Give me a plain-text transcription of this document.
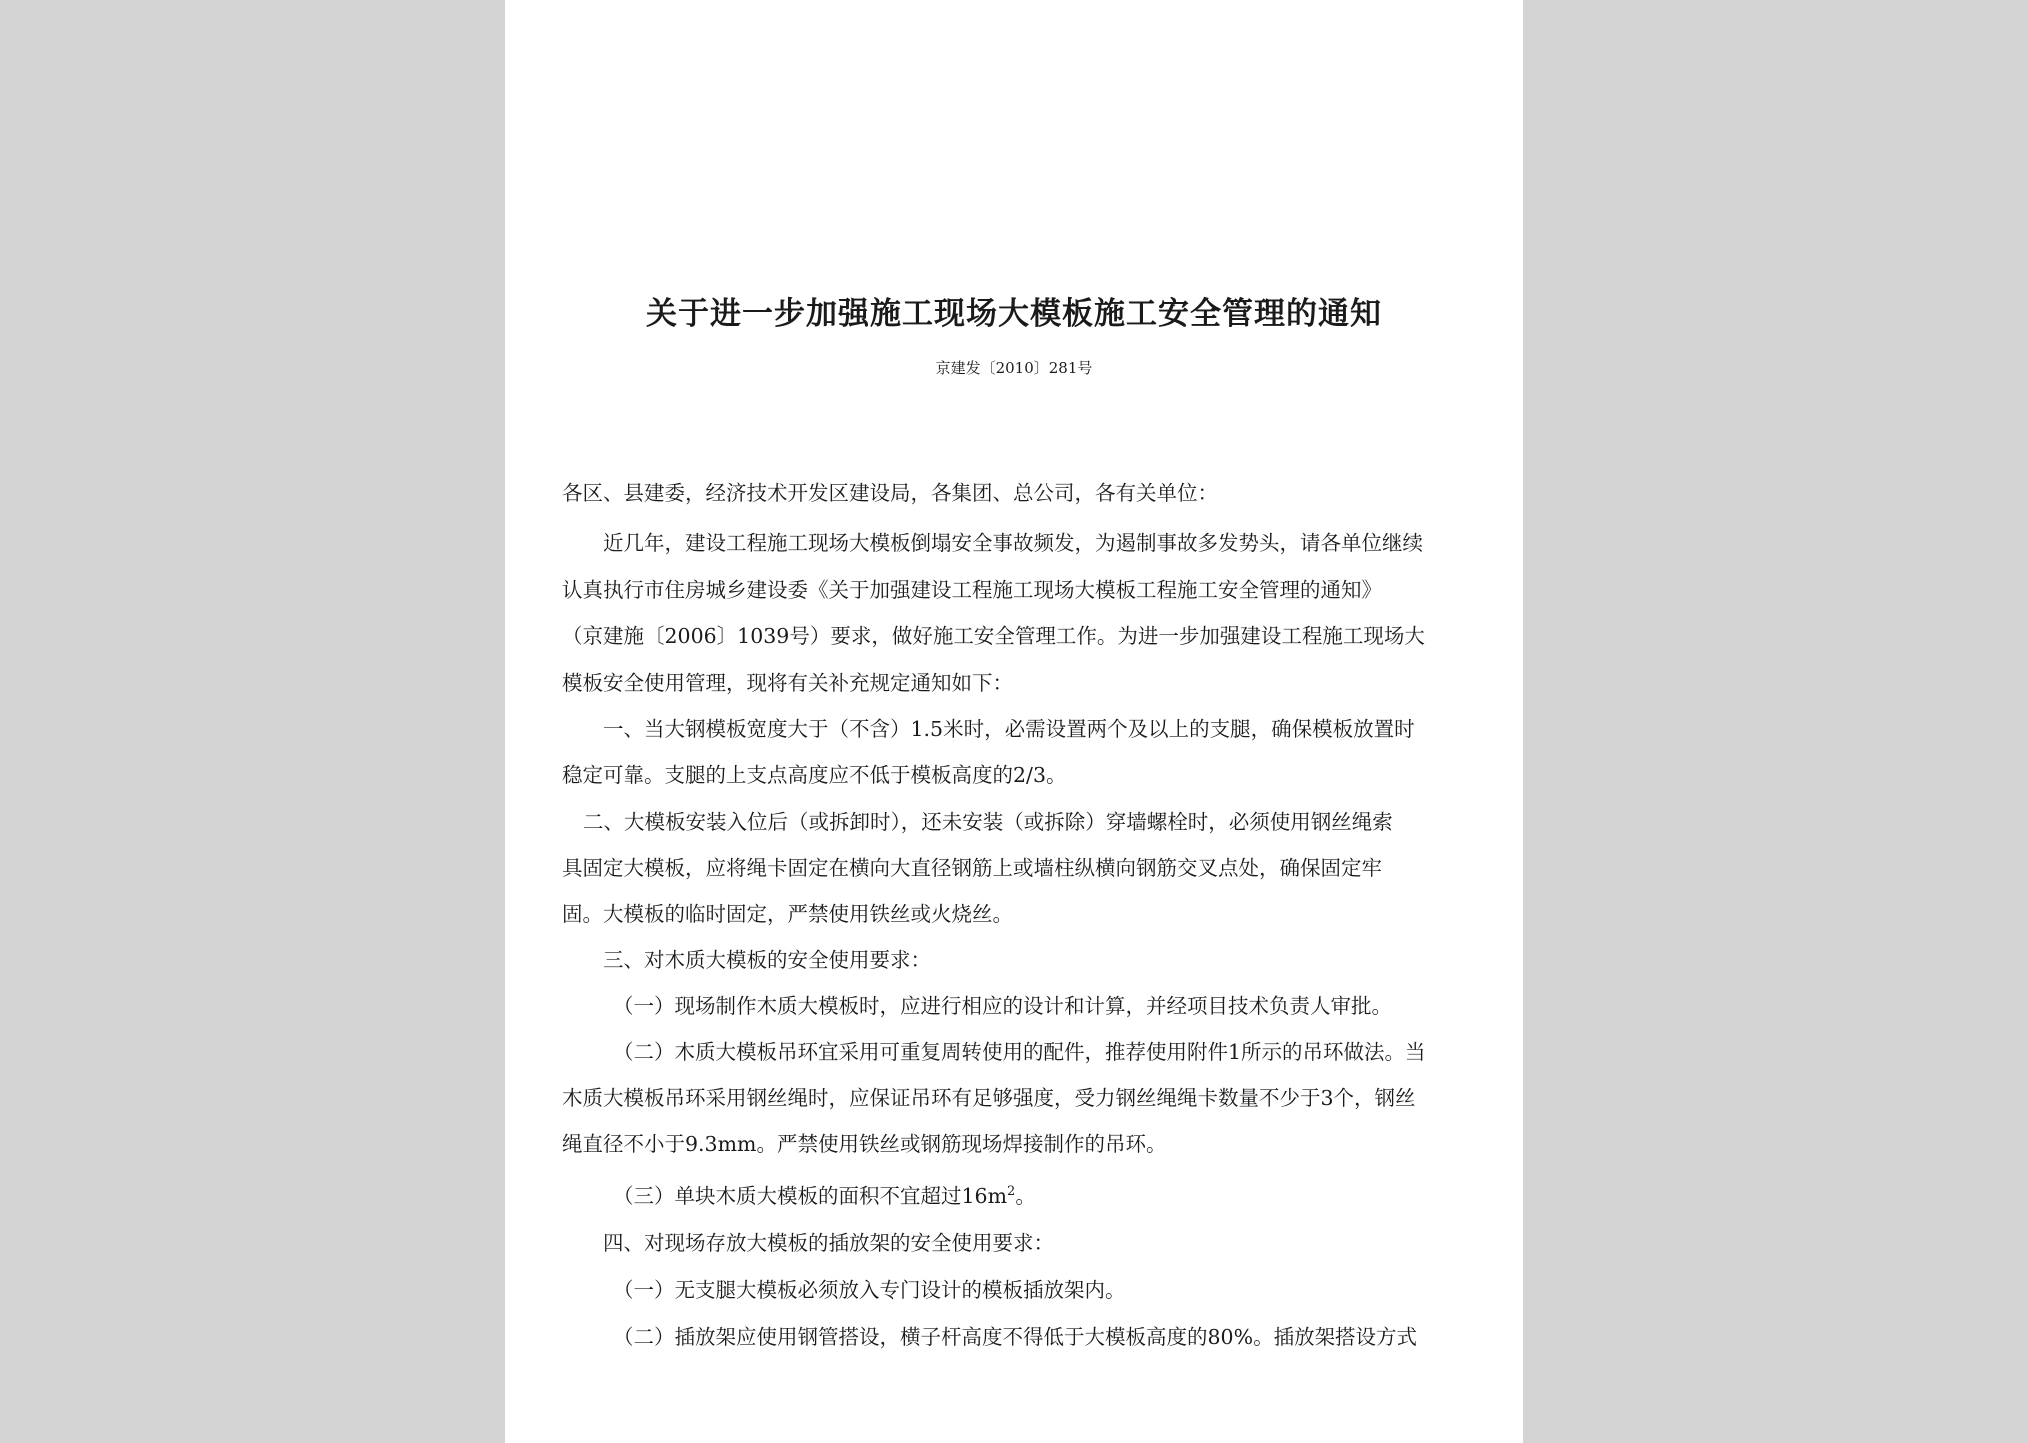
关于进一步加强施工现场大模板施工安全管理的通知
京建发〔2010〕281号
各区、县建委，经济技术开发区建设局，各集团、总公司，各有关单位：
近几年，建设工程施工现场大模板倒塌安全事故频发，为遏制事故多发势头，请各单位继续
认真执行市住房城乡建设委《关于加强建设工程施工现场大模板工程施工安全管理的通知》
（京建施〔2006〕1039号）要求，做好施工安全管理工作。为进一步加强建设工程施工现场大
模板安全使用管理，现将有关补充规定通知如下：
一、当大钢模板宽度大于（不含）1.5米时，必需设置两个及以上的支腿，确保模板放置时
稳定可靠。支腿的上支点高度应不低于模板高度的2/3。
二、大模板安装入位后（或拆卸时），还未安装（或拆除）穿墙螺栓时，必须使用钢丝绳索
具固定大模板，应将绳卡固定在横向大直径钢筋上或墙柱纵横向钢筋交叉点处，确保固定牢
固。大模板的临时固定，严禁使用铁丝或火烧丝。
三、对木质大模板的安全使用要求：
（一）现场制作木质大模板时，应进行相应的设计和计算，并经项目技术负责人审批。
（二）木质大模板吊环宜采用可重复周转使用的配件，推荐使用附件1所示的吊环做法。当
木质大模板吊环采用钢丝绳时，应保证吊环有足够强度，受力钢丝绳绳卡数量不少于3个，钢丝
绳直径不小于9.3mm。严禁使用铁丝或钢筋现场焊接制作的吊环。
（三）单块木质大模板的面积不宜超过$16m^2$。
四、对现场存放大模板的插放架的安全使用要求：
（一）无支腿大模板必须放入专门设计的模板插放架内。
（二）插放架应使用钢管搭设，横子杆高度不得低于大模板高度的80%。插放架搭设方式
